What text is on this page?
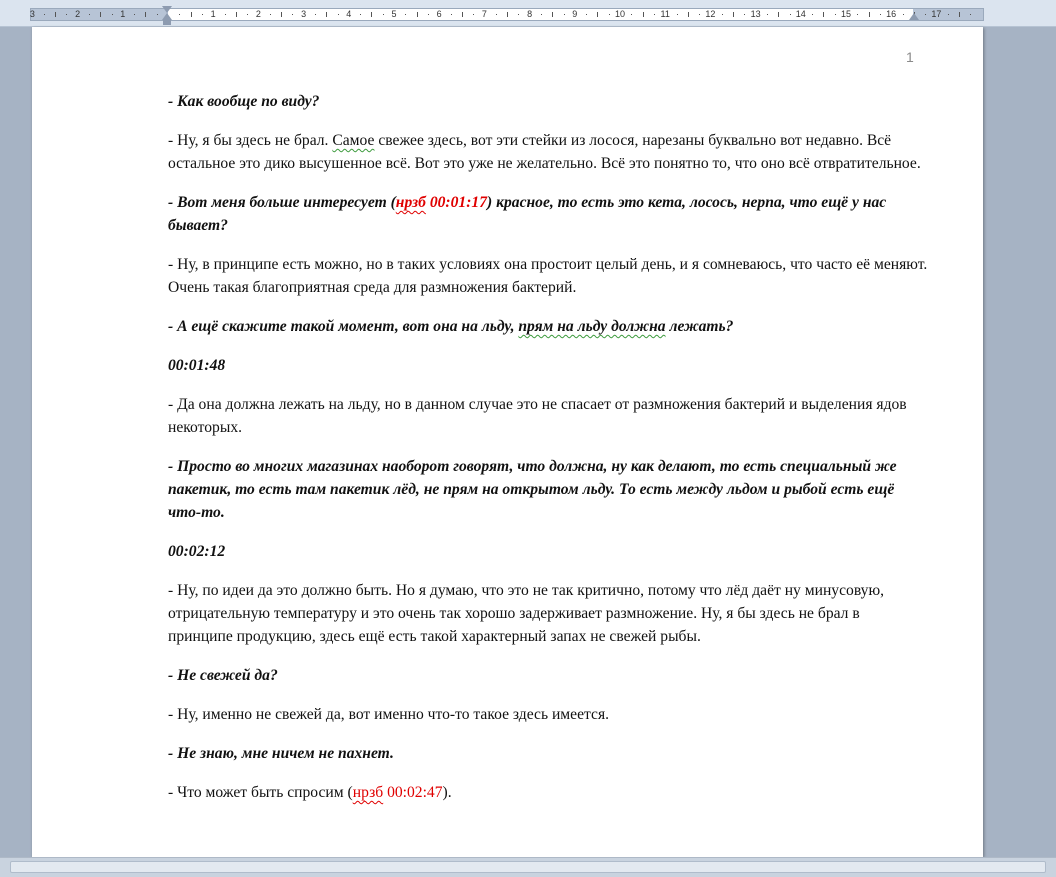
3	2	1	1	2	3	4	5	6	7	8	9	10	11	12	13	14	15	16	17
1

- Как вообще по виду?

- Ну, я бы здесь не брал. Самое свежее здесь, вот эти стейки из лосося, нарезаны буквально вот недавно. Всё остальное это дико высушенное всё. Вот это уже не желательно. Всё это понятно то, что оно всё отвратительное.

- Вот меня больше интересует (нрзб 00:01:17) красное, то есть это кета, лосось, нерпа, что ещё у нас бывает?

- Ну, в принципе есть можно, но в таких условиях она простоит целый день, и я сомневаюсь, что часто её меняют. Очень такая благоприятная среда для размножения бактерий.

- А ещё скажите такой момент, вот она на льду, прям на льду должна лежать?

00:01:48

- Да она должна лежать на льду, но в данном случае это не спасает от размножения бактерий и выделения ядов некоторых.

- Просто во многих магазинах наоборот говорят, что должна, ну как делают, то есть специальный же пакетик, то есть там пакетик лёд, не прям на открытом льду. То есть между льдом и рыбой есть ещё что-то.

00:02:12

- Ну, по идеи да это должно быть. Но я думаю, что это не так критично, потому что лёд даёт ну минусовую, отрицательную температуру и это очень так хорошо задерживает размножение. Ну, я бы здесь не брал в принципе продукцию, здесь ещё есть такой характерный запах не свежей рыбы.

- Не свежей да?

- Ну, именно не свежей да, вот именно что-то такое здесь имеется.

- Не знаю, мне ничем не пахнет.

- Что может быть спросим (нрзб 00:02:47).
